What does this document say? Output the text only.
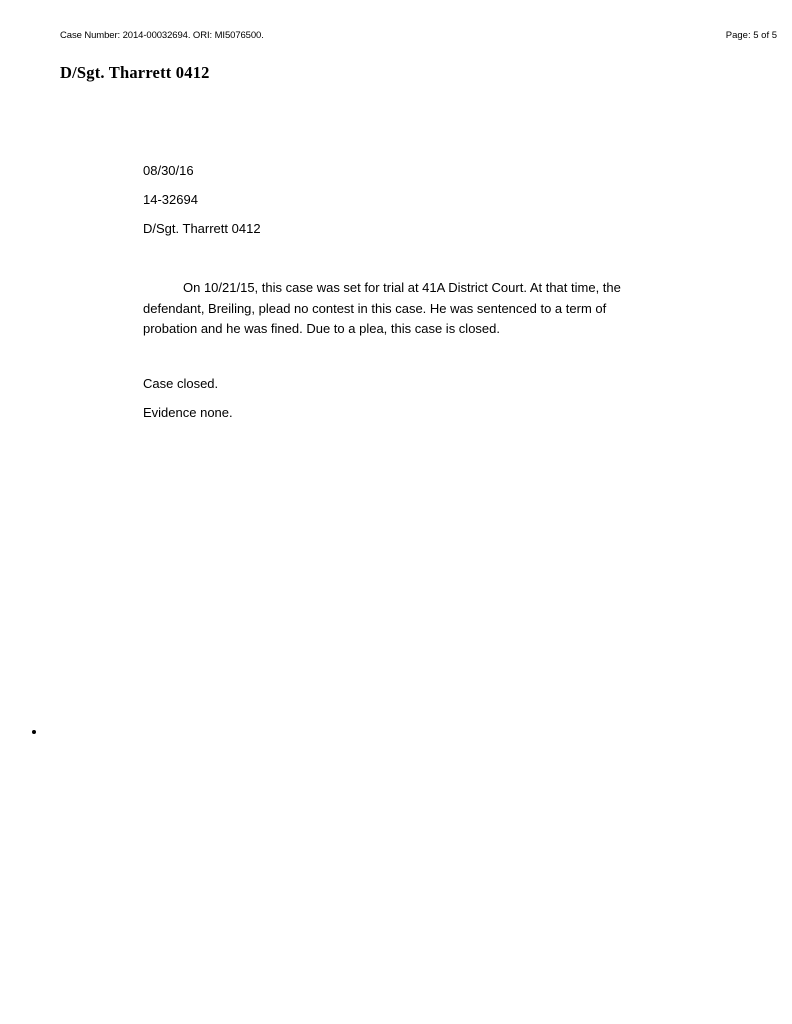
Case Number: 2014-00032694. ORI: MI5076500.	Page: 5 of 5
D/Sgt. Tharrett 0412
08/30/16
14-32694
D/Sgt. Tharrett 0412

On 10/21/15, this case was set for trial at 41A District Court. At that time, the defendant, Breiling, plead no contest in this case. He was sentenced to a term of probation and he was fined. Due to a plea, this case is closed.

Case closed.
Evidence none.
